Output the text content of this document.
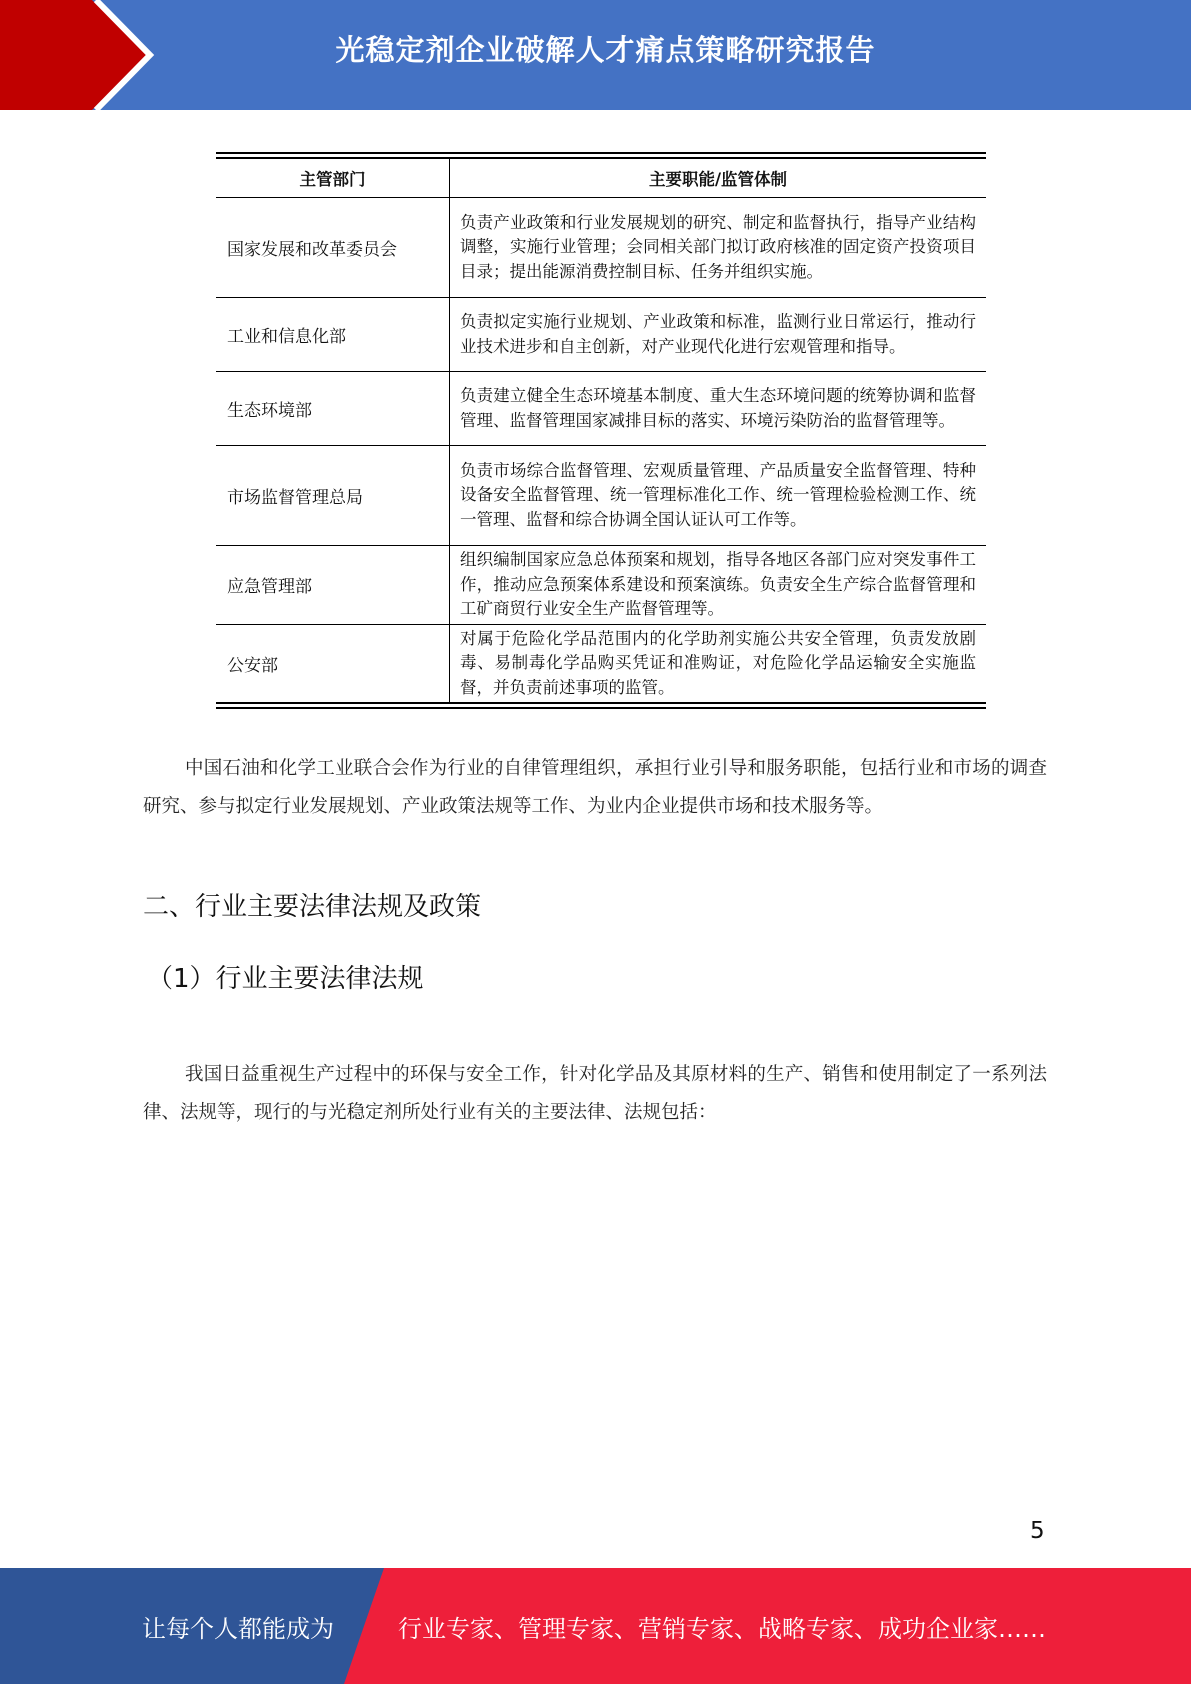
光稳定剂企业破解人才痛点策略研究报告
主管部门	主要职能/监管体制
国家发展和改革委员会	负责产业政策和行业发展规划的研究、制定和监督执行，指导产业结构调整，实施行业管理；会同相关部门拟订政府核准的固定资产投资项目目录；提出能源消费控制目标、任务并组织实施。
工业和信息化部	负责拟定实施行业规划、产业政策和标准，监测行业日常运行，推动行业技术进步和自主创新，对产业现代化进行宏观管理和指导。
生态环境部	负责建立健全生态环境基本制度、重大生态环境问题的统筹协调和监督管理、监督管理国家减排目标的落实、环境污染防治的监督管理等。
市场监督管理总局	负责市场综合监督管理、宏观质量管理、产品质量安全监督管理、特种设备安全监督管理、统一管理标准化工作、统一管理检验检测工作、统一管理、监督和综合协调全国认证认可工作等。
应急管理部	组织编制国家应急总体预案和规划，指导各地区各部门应对突发事件工作，推动应急预案体系建设和预案演练。负责安全生产综合监督管理和工矿商贸行业安全生产监督管理等。
公安部	对属于危险化学品范围内的化学助剂实施公共安全管理，负责发放剧毒、易制毒化学品购买凭证和准购证，对危险化学品运输安全实施监督，并负责前述事项的监管。
中国石油和化学工业联合会作为行业的自律管理组织，承担行业引导和服务职能，包括行业和市场的调查研究、参与拟定行业发展规划、产业政策法规等工作、为业内企业提供市场和技术服务等。
二、行业主要法律法规及政策
（1）行业主要法律法规
我国日益重视生产过程中的环保与安全工作，针对化学品及其原材料的生产、销售和使用制定了一系列法律、法规等，现行的与光稳定剂所处行业有关的主要法律、法规包括：
5
让每个人都能成为	行业专家、管理专家、营销专家、战略专家、成功企业家……
